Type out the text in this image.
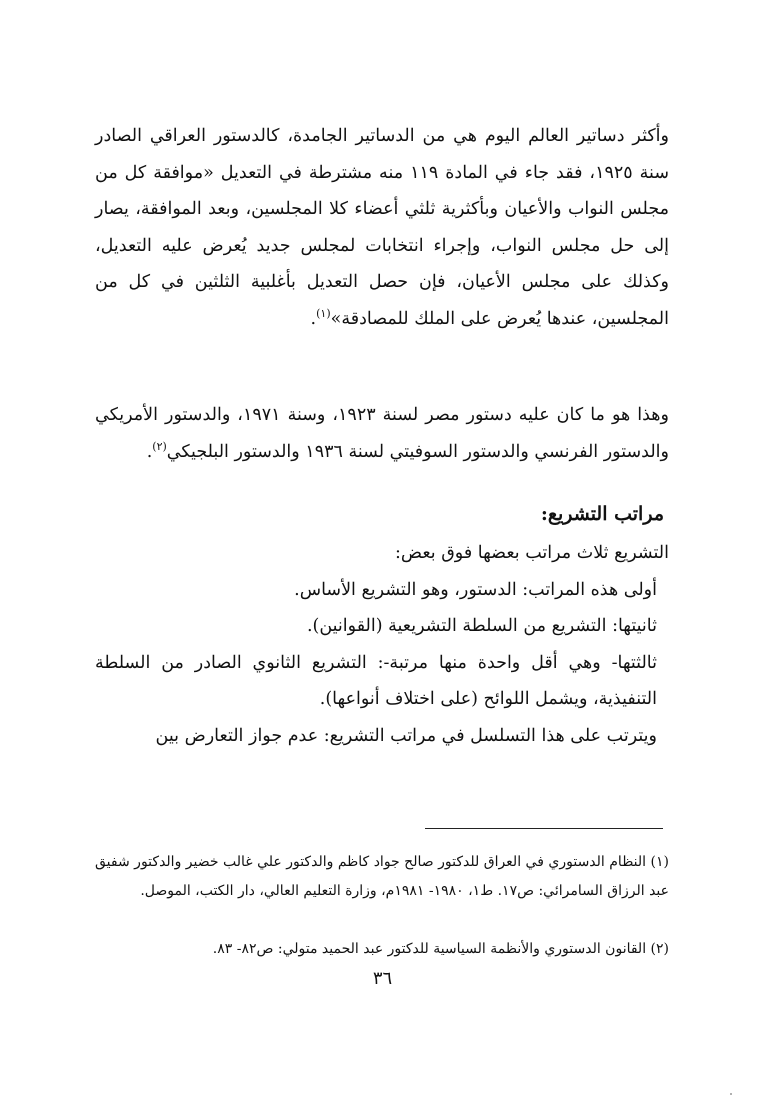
وأكثر دساتير العالم اليوم هي من الدساتير الجامدة، كالدستور العراقي الصادر سنة ١٩٢٥، فقد جاء في المادة ١١٩ منه مشترطة في التعديل «موافقة كل من مجلس النواب والأعيان وبأكثرية ثلثي أعضاء كلا المجلسين، وبعد الموافقة، يصار إلى حل مجلس النواب، وإجراء انتخابات لمجلس جديد يُعرض عليه التعديل، وكذلك على مجلس الأعيان، فإن حصل التعديل بأغلبية الثلثين في كل من المجلسين، عندها يُعرض على الملك للمصادقة»$^{(١)}$.

وهذا هو ما كان عليه دستور مصر لسنة ١٩٢٣، وسنة ١٩٧١، والدستور الأمريكي والدستور الفرنسي والدستور السوفيتي لسنة ١٩٣٦ والدستور البلجيكي$^{(٢)}$.

مراتب التشريع:

التشريع ثلاث مراتب بعضها فوق بعض:

أولى هذه المراتب: الدستور، وهو التشريع الأساس.

ثانيتها: التشريع من السلطة التشريعية (القوانين).

ثالثتها- وهي أقل واحدة منها مرتبة-: التشريع الثانوي الصادر من السلطة التنفيذية، ويشمل اللوائح (على اختلاف أنواعها).

ويترتب على هذا التسلسل في مراتب التشريع: عدم جواز التعارض بين

(١) النظام الدستوري في العراق للدكتور صالح جواد كاظم والدكتور علي غالب خضير والدكتور شفيق عبد الرزاق السامرائي: ص١٧. ط١، ١٩٨٠- ١٩٨١م، وزارة التعليم العالي، دار الكتب، الموصل.

(٢) القانون الدستوري والأنظمة السياسية للدكتور عبد الحميد متولي: ص٨٢- ٨٣.

٣٦
